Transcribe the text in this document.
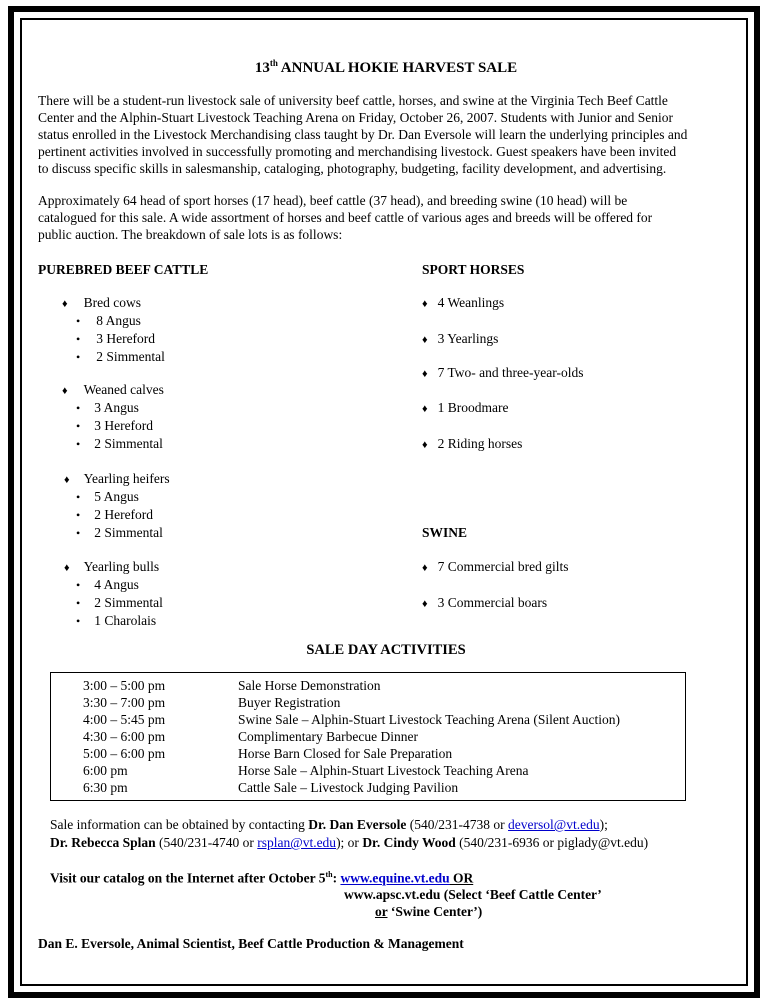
13th ANNUAL HOKIE HARVEST SALE
There will be a student-run livestock sale of university beef cattle, horses, and swine at the Virginia Tech Beef Cattle
Center and the Alphin-Stuart Livestock Teaching Arena on Friday, October 26, 2007. Students with Junior and Senior
status enrolled in the Livestock Merchandising class taught by Dr. Dan Eversole will learn the underlying principles and
pertinent activities involved in successfully promoting and merchandising livestock. Guest speakers have been invited
to discuss specific skills in salesmanship, cataloging, photography, budgeting, facility development, and advertising.
Approximately 64 head of sport horses (17 head), beef cattle (37 head), and breeding swine (10 head) will be
catalogued for this sale. A wide assortment of horses and beef cattle of various ages and breeds will be offered for
public auction. The breakdown of sale lots is as follows:
PUREBRED BEEF CATTLE
♦ Bred cows
• 8 Angus
• 3 Hereford
• 2 Simmental
♦ Weaned calves
• 3 Angus
• 3 Hereford
• 2 Simmental
♦ Yearling heifers
• 5 Angus
• 2 Hereford
• 2 Simmental
♦ Yearling bulls
• 4 Angus
• 2 Simmental
• 1 Charolais
SPORT HORSES
♦ 4 Weanlings
♦ 3 Yearlings
♦ 7 Two- and three-year-olds
♦ 1 Broodmare
♦ 2 Riding horses
SWINE
♦ 7 Commercial bred gilts
♦ 3 Commercial boars
SALE DAY ACTIVITIES
3:00 – 5:00 pm	Sale Horse Demonstration
3:30 – 7:00 pm	Buyer Registration
4:00 – 5:45 pm	Swine Sale – Alphin-Stuart Livestock Teaching Arena (Silent Auction)
4:30 – 6:00 pm	Complimentary Barbecue Dinner
5:00 – 6:00 pm	Horse Barn Closed for Sale Preparation
6:00 pm	Horse Sale – Alphin-Stuart Livestock Teaching Arena
6:30 pm	Cattle Sale – Livestock Judging Pavilion
Sale information can be obtained by contacting Dr. Dan Eversole (540/231-4738 or deversol@vt.edu);
Dr. Rebecca Splan (540/231-4740 or rsplan@vt.edu); or Dr. Cindy Wood (540/231-6936 or piglady@vt.edu)
Visit our catalog on the Internet after October 5th: www.equine.vt.edu OR
www.apsc.vt.edu (Select ‘Beef Cattle Center’
or ‘Swine Center’)
Dan E. Eversole, Animal Scientist, Beef Cattle Production & Management
